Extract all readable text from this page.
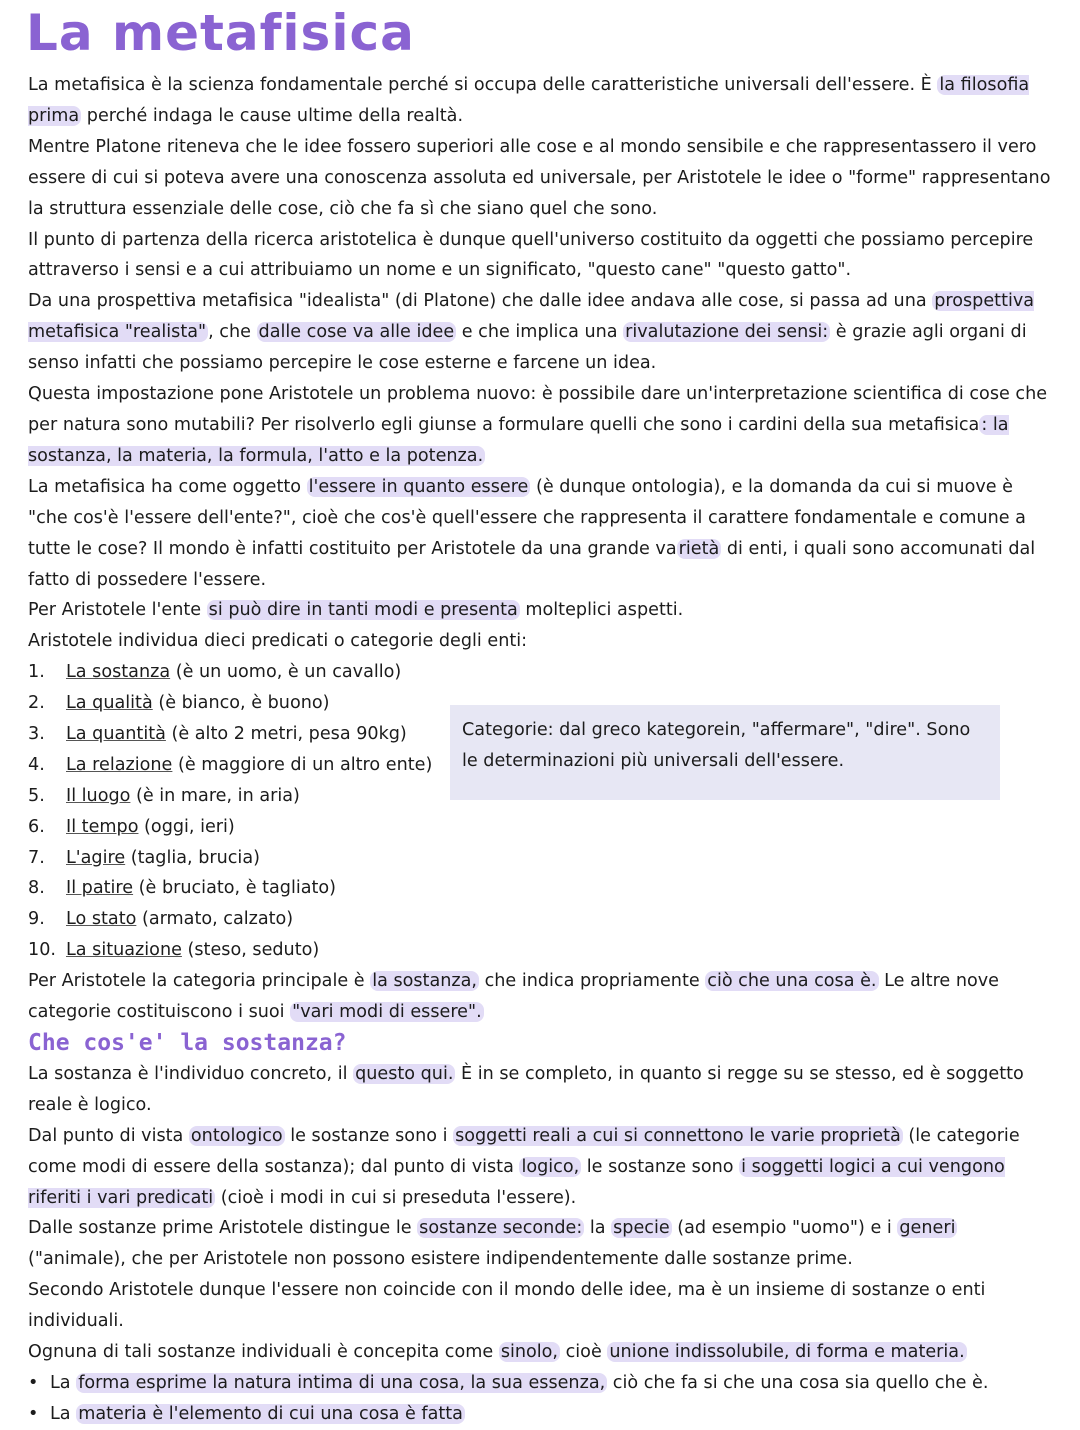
La metafisica

La metafisica è la scienza fondamentale perché si occupa delle caratteristiche universali dell'essere. È la filosofia prima perché indaga le cause ultime della realtà.

Mentre Platone riteneva che le idee fossero superiori alle cose e al mondo sensibile e che rappresentassero il vero essere di cui si poteva avere una conoscenza assoluta ed universale, per Aristotele le idee o "forme" rappresentano la struttura essenziale delle cose, ciò che fa sì che siano quel che sono.

Il punto di partenza della ricerca aristotelica è dunque quell'universo costituito da oggetti che possiamo percepire attraverso i sensi e a cui attribuiamo un nome e un significato, "questo cane" "questo gatto".

Da una prospettiva metafisica "idealista" (di Platone) che dalle idee andava alle cose, si passa ad una prospettiva metafisica "realista" , che dalle cose va alle idee e che implica una rivalutazione dei sensi: è grazie agli organi di senso infatti che possiamo percepire le cose esterne e farcene un idea.

Questa impostazione pone Aristotele un problema nuovo: è possibile dare un'interpretazione scientifica di cose che per natura sono mutabili? Per risolverlo egli giunse a formulare quelli che sono i cardini della sua metafisica : la sostanza, la materia, la formula, l'atto e la potenza.

La metafisica ha come oggetto l'essere in quanto essere (è dunque ontologia), e la domanda da cui si muove è "che cos'è l'essere dell'ente?", cioè che cos'è quell'essere che rappresenta il carattere fondamentale e comune a tutte le cose? Il mondo è infatti costituito per Aristotele da una grande va rietà di enti, i quali sono accomunati dal fatto di possedere l'essere.

Per Aristotele l'ente si può dire in tanti modi e presenta molteplici aspetti.

Aristotele individua dieci predicati o categorie degli enti:

1. La sostanza (è un uomo, è un cavallo)
2. La qualità (è bianco, è buono)
3. La quantità (è alto 2 metri, pesa 90kg)
4. La relazione (è maggiore di un altro ente)
5. Il luogo (è in mare, in aria)
6. Il tempo (oggi, ieri)
7. L'agire (taglia, brucia)
8. Il patire (è bruciato, è tagliato)
9. Lo stato (armato, calzato)
10. La situazione (steso, seduto)

Per Aristotele la categoria principale è la sostanza, che indica propriamente ciò che una cosa è. Le altre nove categorie costituiscono i suoi "vari modi di essere".

Che cos'e' la sostanza?

La sostanza è l'individuo concreto, il questo qui. È in se completo, in quanto si regge su se stesso, ed è soggetto reale è logico.

Dal punto di vista ontologico le sostanze sono i soggetti reali a cui si connettono le varie proprietà (le categorie come modi di essere della sostanza); dal punto di vista logico, le sostanze sono i soggetti logici a cui vengono riferiti i vari predicati (cioè i modi in cui si preseduta l'essere).

Dalle sostanze prime Aristotele distingue le sostanze seconde: la specie (ad esempio "uomo") e i generi ("animale), che per Aristotele non possono esistere indipendentemente dalle sostanze prime.

Secondo Aristotele dunque l'essere non coincide con il mondo delle idee, ma è un insieme di sostanze o enti individuali.

Ognuna di tali sostanze individuali è concepita come sinolo, cioè unione indissolubile, di forma e materia.

• La forma esprime la natura intima di una cosa, la sua essenza, ciò che fa si che una cosa sia quello che è.
• La materia è l'elemento di cui una cosa è fatta
Categorie: dal greco kategorein, "affermare", "dire". Sono le determinazioni più universali dell'essere.
